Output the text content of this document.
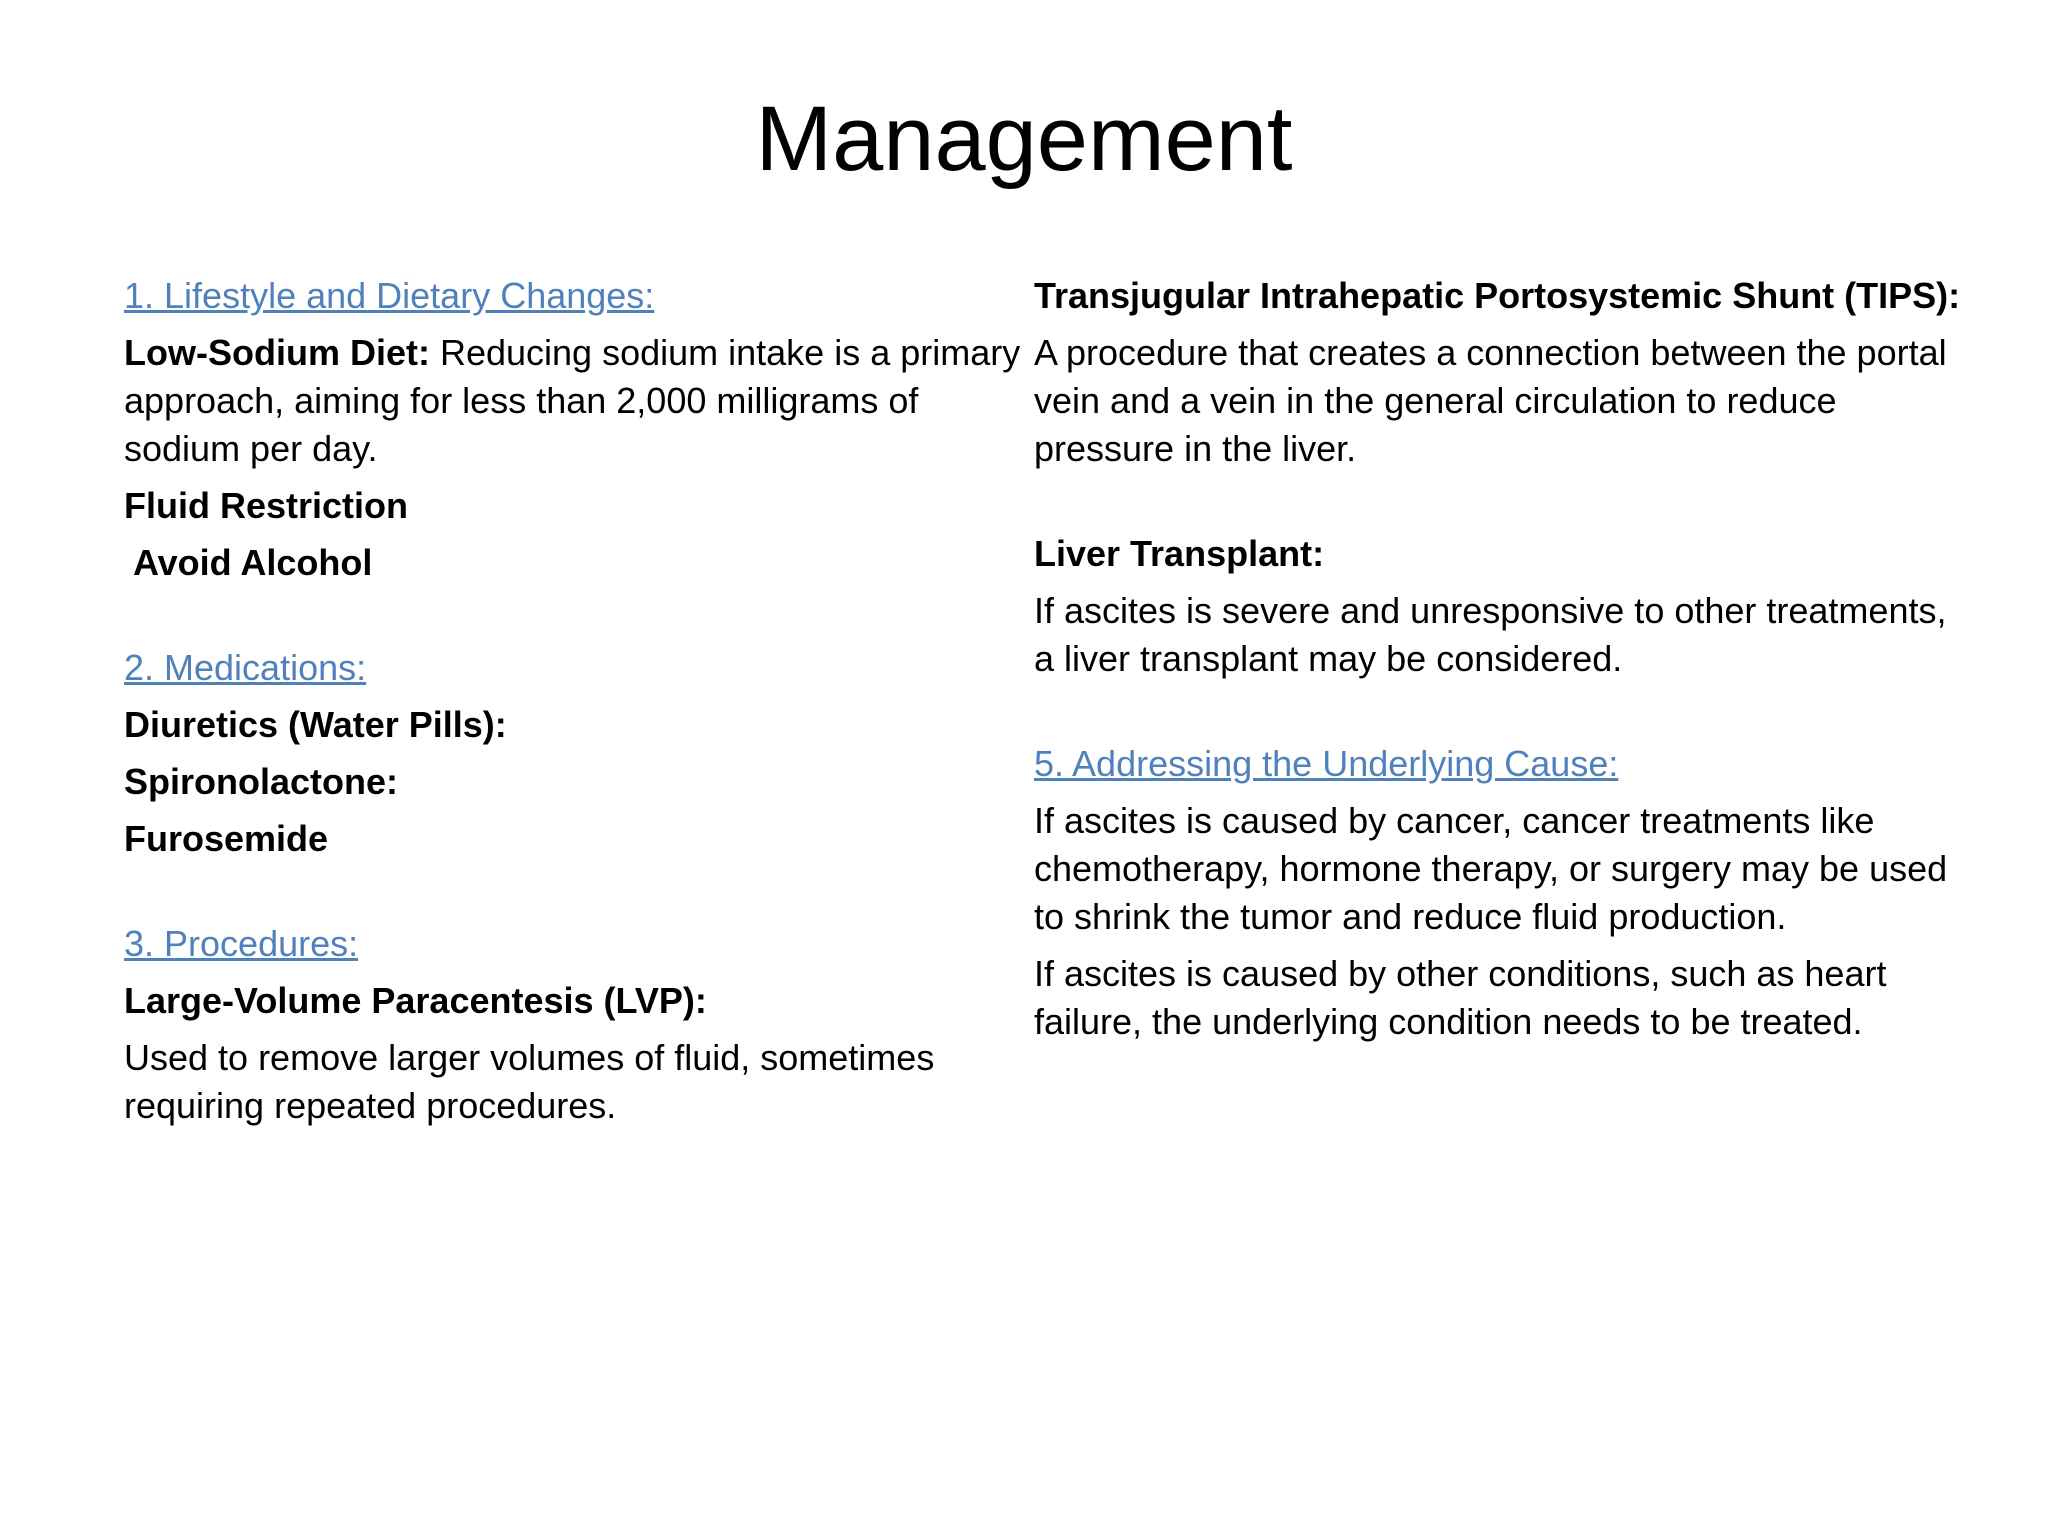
Management

1. Lifestyle and Dietary Changes:

Low-Sodium Diet: Reducing sodium intake is a primary approach, aiming for less than 2,000 milligrams of sodium per day.

Fluid Restriction

Avoid Alcohol

2. Medications:

Diuretics (Water Pills):

Spironolactone:

Furosemide

3. Procedures:

Large-Volume Paracentesis (LVP):

Used to remove larger volumes of fluid, sometimes requiring repeated procedures.

Transjugular Intrahepatic Portosystemic Shunt (TIPS):

A procedure that creates a connection between the portal vein and a vein in the general circulation to reduce pressure in the liver.

Liver Transplant:

If ascites is severe and unresponsive to other treatments, a liver transplant may be considered.

5. Addressing the Underlying Cause:

If ascites is caused by cancer, cancer treatments like chemotherapy, hormone therapy, or surgery may be used to shrink the tumor and reduce fluid production.

If ascites is caused by other conditions, such as heart failure, the underlying condition needs to be treated.
